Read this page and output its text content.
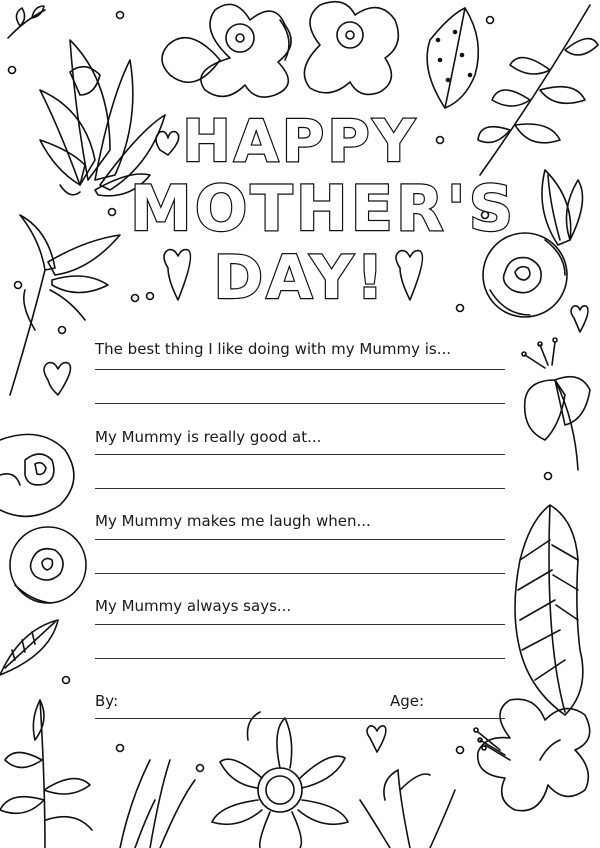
HAPPY
MOTHER'S
DAY!
The best thing I like doing with my Mummy is...
My Mummy is really good at...
My Mummy makes me laugh when...
My Mummy always says...
By:	Age:
